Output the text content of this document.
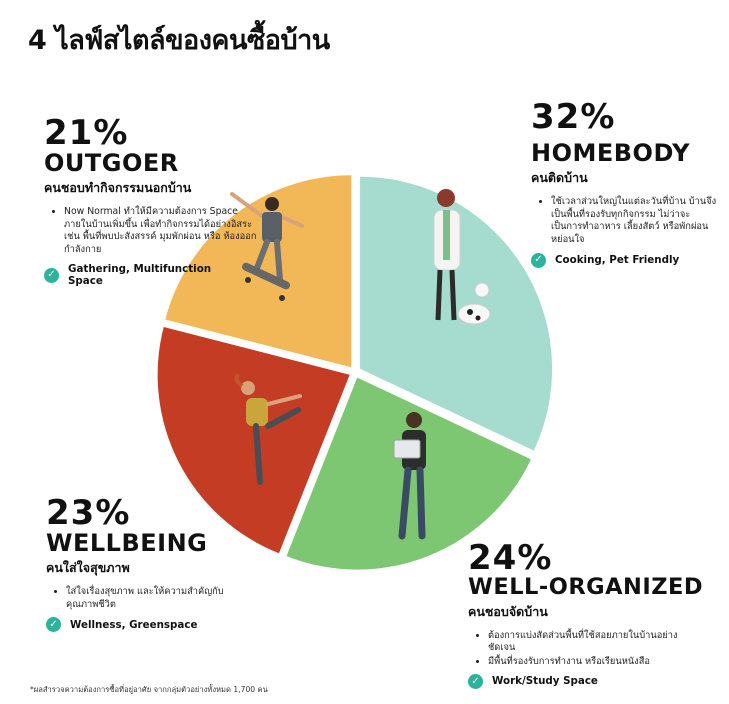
4 ไลฟ์สไตล์ของคนซื้อบ้าน
21%
OUTGOER
คนชอบทำกิจกรรมนอกบ้าน
• Now Normal ทำให้มีความต้องการ Space ภายในบ้านเพิ่มขึ้น เพื่อทำกิจกรรมได้อย่างอิสระ เช่น พื้นที่พบปะสังสรรค์ มุมพักผ่อน หรือ ห้องออกกำลังกาย
✓
Gathering, Multifunction Space
32%
HOMEBODY
คนติดบ้าน
• ใช้เวลาส่วนใหญ่ในแต่ละวันที่บ้าน บ้านจึงเป็นพื้นที่รองรับทุกกิจกรรม ไม่ว่าจะเป็นการทำอาหาร เลี้ยงสัตว์ หรือพักผ่อนหย่อนใจ
✓	Cooking, Pet Friendly
23%
WELLBEING
คนใส่ใจสุขภาพ
• ใส่ใจเรื่องสุขภาพ และให้ความสำคัญกับคุณภาพชีวิต
✓	Wellness, Greenspace
24%
WELL-ORGANIZED
คนชอบจัดบ้าน
• ต้องการแบ่งสัดส่วนพื้นที่ใช้สอยภายในบ้านอย่างชัดเจน
• มีพื้นที่รองรับการทำงาน หรือเรียนหนังสือ
✓	Work/Study Space
*ผลสำรวจความต้องการซื้อที่อยู่อาศัย จากกลุ่มตัวอย่างทั้งหมด 1,700 คน
